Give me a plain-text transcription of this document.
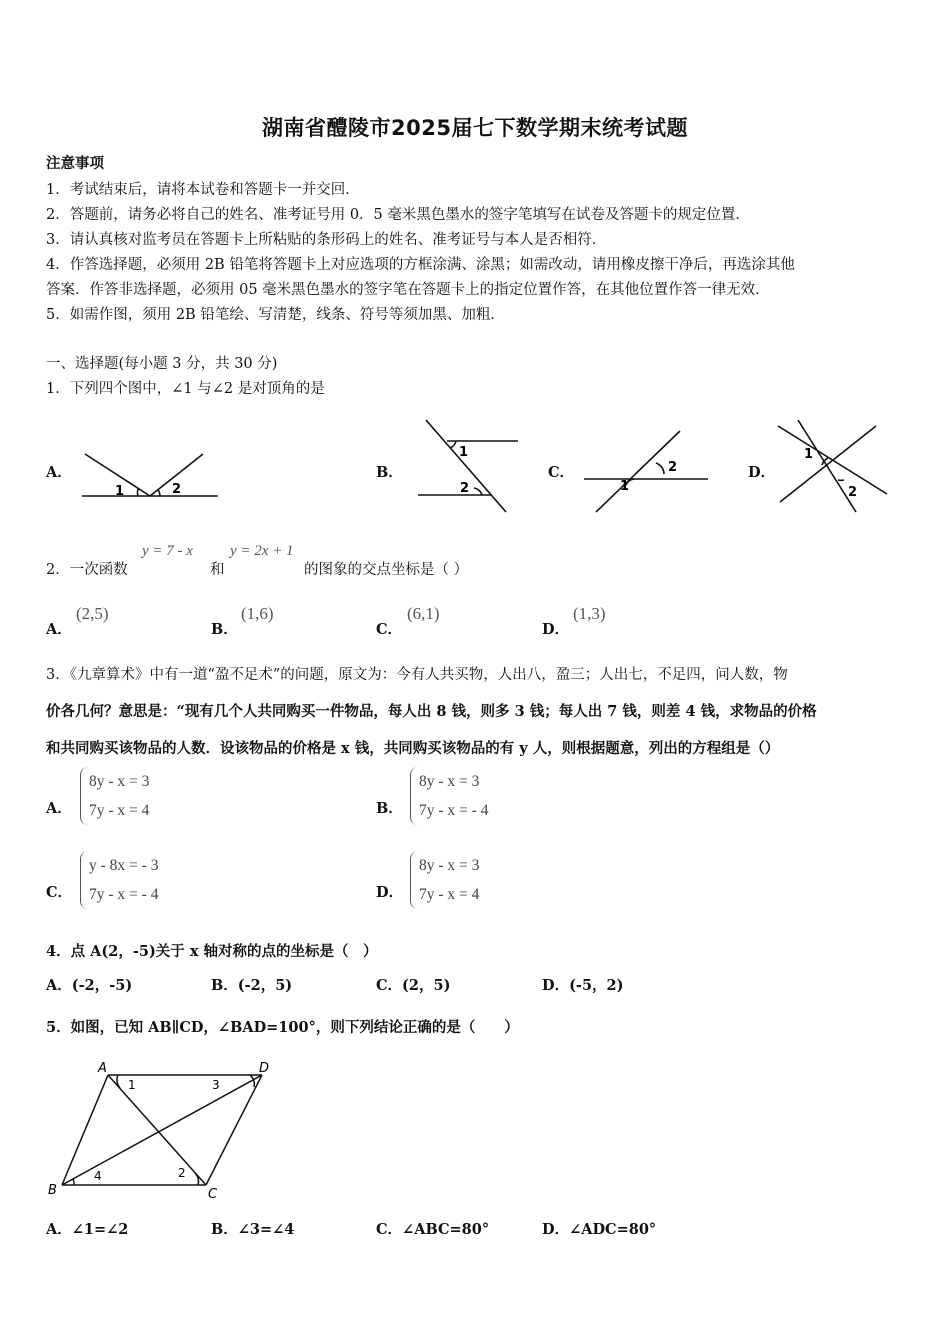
湖南省醴陵市2025届七下数学期末统考试题
注意事项
1．考试结束后，请将本试卷和答题卡一并交回．
2．答题前，请务必将自己的姓名、准考证号用 0．5 毫米黑色墨水的签字笔填写在试卷及答题卡的规定位置．
3．请认真核对监考员在答题卡上所粘贴的条形码上的姓名、准考证号与本人是否相符．
4．作答选择题，必须用 2B 铅笔将答题卡上对应选项的方框涂满、涂黑；如需改动，请用橡皮擦干净后，再选涂其他
答案．作答非选择题，必须用 05 毫米黑色墨水的签字笔在答题卡上的指定位置作答，在其他位置作答一律无效．
5．如需作图，须用 2B 铅笔绘、写清楚，线条、符号等须加黑、加粗．
一、选择题(每小题 3 分，共 30 分)
1．下列四个图中，∠1 与∠2 是对顶角的是
A．	B．	C．	D．
1	2
1
2	1
2
1
2
2．一次函数
y = 7 - x
和
y = 2x + 1
的图象的交点坐标是（ ）
A．
(2,5)
B．
(1,6)
C．
(6,1)
D．
(1,3)
3．《九章算术》中有一道“盈不足术”的问题，原文为：今有人共买物，人出八，盈三；人出七，不足四，问人数，物
价各几何？意思是：“现有几个人共同购买一件物品，每人出 8 钱，则多 3 钱；每人出 7 钱，则差 4 钱，求物品的价格
和共同购买该物品的人数．设该物品的价格是 x 钱，共同购买该物品的有 y 人，则根据题意，列出的方程组是（）
A．
8y - x = 3
7y - x = 4	B．
8y - x = 3
7y - x = - 4
C．
y - 8x = - 3
7y - x = - 4	D．
8y - x = 3
7y - x = 4
4．点 A(2，-5)关于 x 轴对称的点的坐标是（　）
A．(-2，-5)	B．(-2，5)	C．(2，5)	D．(-5，2)
5．如图，已知 AB∥CD，∠BAD=100°，则下列结论正确的是（　　）
A	D
B	C
1	3
2
4
A．∠1=∠2	B．∠3=∠4	C．∠ABC=80°	D．∠ADC=80°
